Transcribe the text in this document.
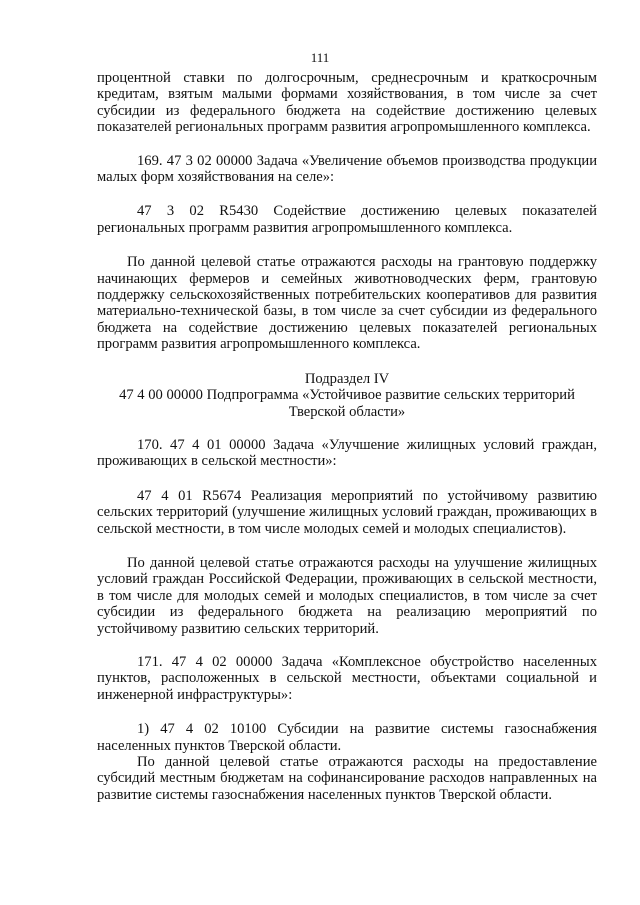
111

процентной ставки по долгосрочным, среднесрочным и краткосрочным кредитам, взятым малыми формами хозяйствования, в том числе за счет субсидии из федерального бюджета на содействие достижению целевых показателей региональных программ развития агропромышленного комплекса.

169. 47 3 02 00000 Задача «Увеличение объемов производства продукции малых форм хозяйствования на селе»:

47 3 02 R5430 Содействие достижению целевых показателей региональных программ развития агропромышленного комплекса.

По данной целевой статье отражаются расходы на грантовую поддержку начинающих фермеров и семейных животноводческих ферм, грантовую поддержку сельскохозяйственных потребительских кооперативов для развития материально-технической базы, в том числе за счет субсидии из федерального бюджета на содействие достижению целевых показателей региональных программ развития агропромышленного комплекса.

Подраздел IV

47 4 00 00000 Подпрограмма «Устойчивое развитие сельских территорий Тверской области»

170. 47 4 01 00000 Задача «Улучшение жилищных условий граждан, проживающих в сельской местности»:

47 4 01 R5674 Реализация мероприятий по устойчивому развитию сельских территорий (улучшение жилищных условий граждан, проживающих в сельской местности, в том числе молодых семей и молодых специалистов).

По данной целевой статье отражаются расходы на улучшение жилищных условий граждан Российской Федерации, проживающих в сельской местности, в том числе для молодых семей и молодых специалистов, в том числе за счет субсидии из федерального бюджета на реализацию мероприятий по устойчивому развитию сельских территорий.

171. 47 4 02 00000 Задача «Комплексное обустройство населенных пунктов, расположенных в сельской местности, объектами социальной и инженерной инфраструктуры»:

1) 47 4 02 10100 Субсидии на развитие системы газоснабжения населенных пунктов Тверской области.

По данной целевой статье отражаются расходы на предоставление субсидий местным бюджетам на софинансирование расходов направленных на развитие системы газоснабжения населенных пунктов Тверской области.
